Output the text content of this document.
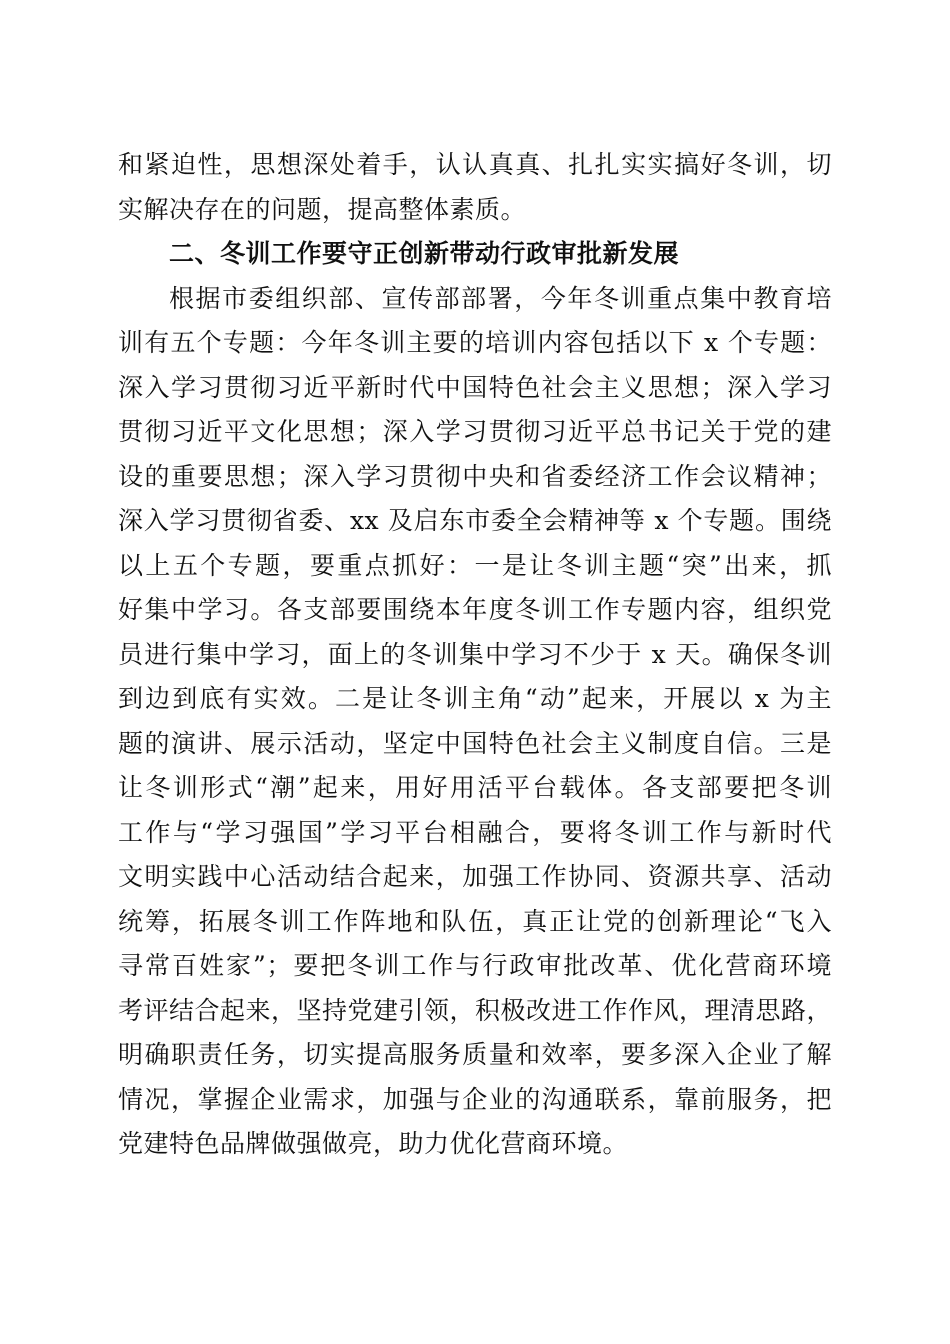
和紧迫性，思想深处着手，认认真真、扎扎实实搞好冬训，切
实解决存在的问题，提高整体素质。
二、冬训工作要守正创新带动行政审批新发展
根据市委组织部、宣传部部署，今年冬训重点集中教育培
训有五个专题：今年冬训主要的培训内容包括以下 x 个专题：
深入学习贯彻习近平新时代中国特色社会主义思想；深入学习
贯彻习近平文化思想；深入学习贯彻习近平总书记关于党的建
设的重要思想；深入学习贯彻中央和省委经济工作会议精神；
深入学习贯彻省委、xx 及启东市委全会精神等 x 个专题。围绕
以上五个专题，要重点抓好：一是让冬训主题“突”出来，抓
好集中学习。各支部要围绕本年度冬训工作专题内容，组织党
员进行集中学习，面上的冬训集中学习不少于 x 天。确保冬训
到边到底有实效。二是让冬训主角“动”起来，开展以 x 为主
题的演讲、展示活动，坚定中国特色社会主义制度自信。三是
让冬训形式“潮”起来，用好用活平台载体。各支部要把冬训
工作与“学习强国”学习平台相融合，要将冬训工作与新时代
文明实践中心活动结合起来，加强工作协同、资源共享、活动
统筹，拓展冬训工作阵地和队伍，真正让党的创新理论“飞入
寻常百姓家”；要把冬训工作与行政审批改革、优化营商环境
考评结合起来，坚持党建引领，积极改进工作作风，理清思路，
明确职责任务，切实提高服务质量和效率，要多深入企业了解
情况，掌握企业需求，加强与企业的沟通联系，靠前服务，把
党建特色品牌做强做亮，助力优化营商环境。
